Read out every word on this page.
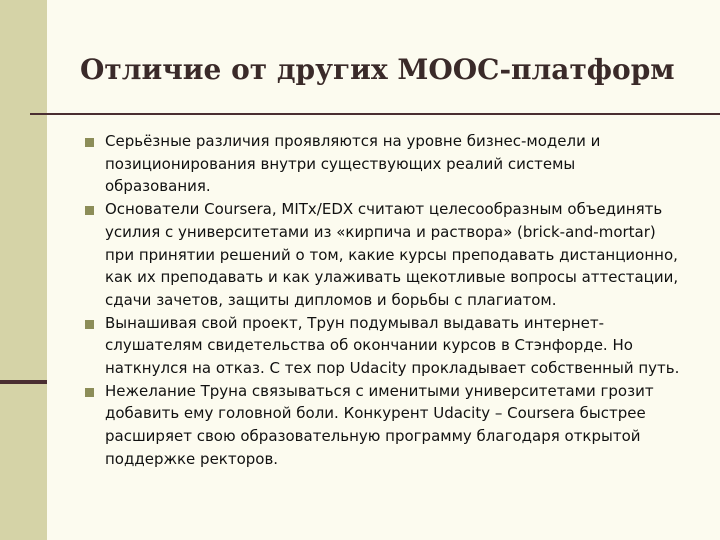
Отличие от других МООС-платформ
Серьёзные различия проявляются на уровне бизнес-модели и позиционирования внутри существующих реалий системы образования.
Основатели Coursera, MITx/EDX считают целесообразным объединять усилия с университетами из «кирпича и раствора» (brick-and-mortar) при принятии решений о том, какие курсы преподавать дистанционно, как их преподавать и как улаживать щекотливые вопросы аттестации, сдачи зачетов, защиты дипломов и борьбы с плагиатом.
Вынашивая свой проект, Трун подумывал выдавать интернет-слушателям свидетельства об окончании курсов в Стэнфорде. Но наткнулся на отказ. С тех пор Udacity прокладывает собственный путь.
Нежелание Труна связываться с именитыми университетами грозит добавить ему головной боли. Конкурент Udacity – Coursera быстрее расширяет свою образовательную программу благодаря открытой поддержке ректоров.
